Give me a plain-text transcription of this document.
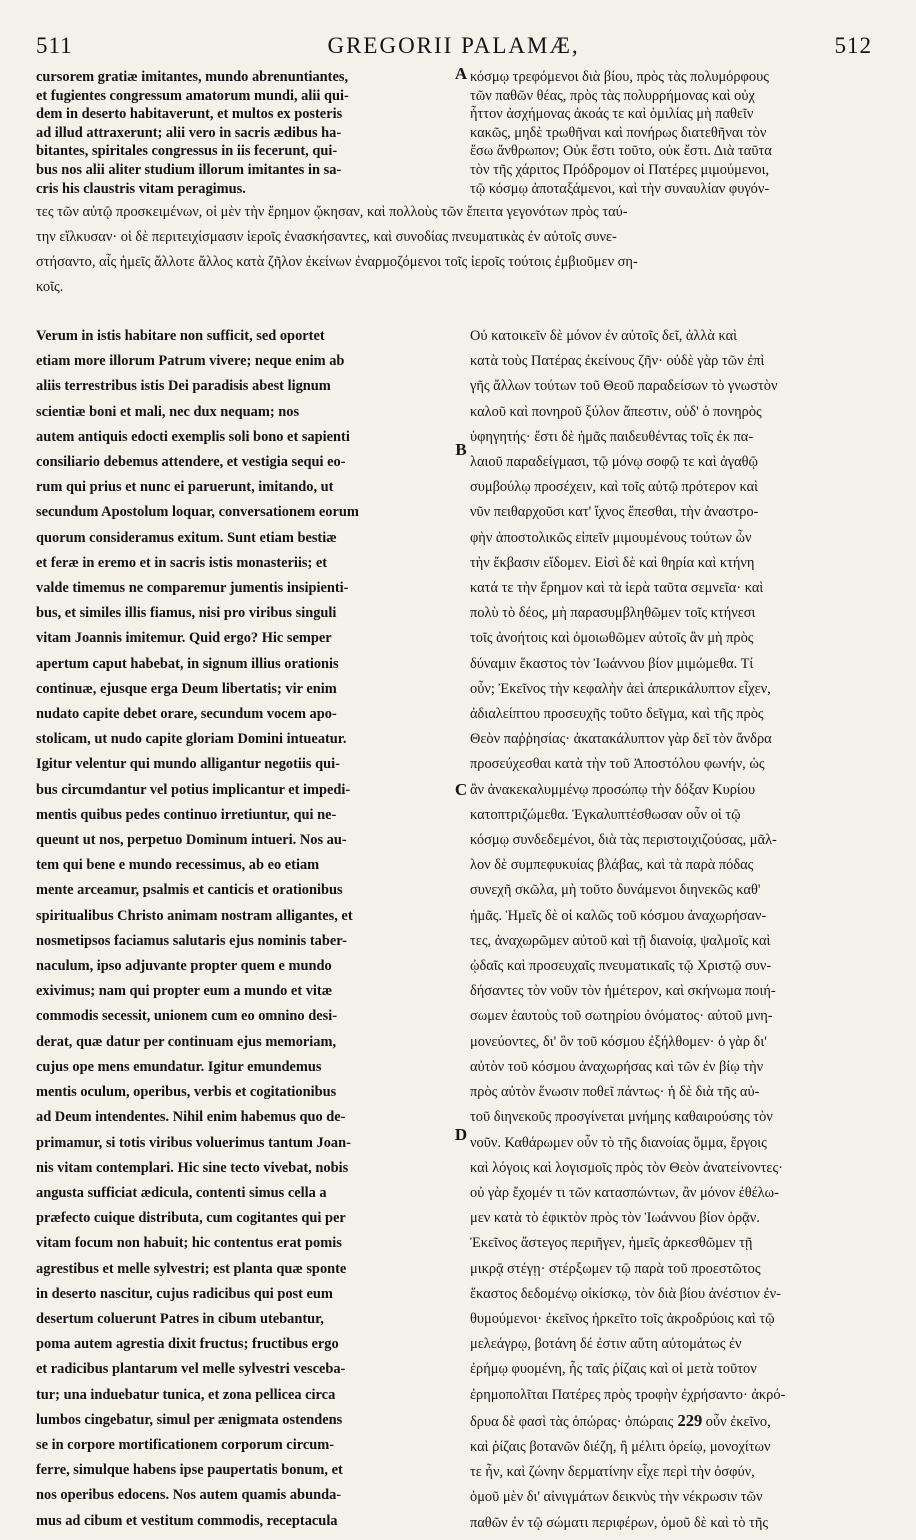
511	GREGORII PALAMÆ,	512
A
B
C
D

cursorem gratiæ imitantes, mundo abrenuntiantes,

et fugientes congressum amatorum mundi, alii qui-

dem in deserto habitaverunt, et multos ex posteris

ad illud attraxerunt; alii vero in sacris ædibus ha-

bitantes, spiritales congressus in iis fecerunt, qui-

bus nos alii aliter studium illorum imitantes in sa-

cris his claustris vitam peragimus.

κόσμῳ τρεφόμενοι διὰ βίου, πρὸς τὰς πολυμόρφους

τῶν παθῶν θέας, πρὸς τὰς πολυρρήμονας καὶ οὐχ

ἧττον ἀσχήμονας ἀκοάς τε καὶ ὁμιλίας μὴ παθεῖν

κακῶς, μηδὲ τρωθῆναι καὶ πονήρως διατεθῆναι τὸν

ἔσω ἄνθρωπον; Οὐκ ἔστι τοῦτο, οὐκ ἔστι. Διὰ ταῦτα

τὸν τῆς χάριτος Πρόδρομον οἱ Πατέρες μιμούμενοι,

τῷ κόσμῳ ἀποταξάμενοι, καὶ τὴν συναυλίαν φυγόν-

τες τῶν αὐτῷ προσκειμένων, οἱ μὲν τὴν ἔρημον ᾤκησαν, καὶ πολλοὺς τῶν ἔπειτα γεγονότων πρὸς ταύ-

την εἵλκυσαν· οἱ δὲ περιτειχίσμασιν ἱεροῖς ἐνασκήσαντες, καὶ συνοδίας πνευματικὰς ἐν αὐτοῖς συνε-

στήσαντο, αἷς ἡμεῖς ἄλλοτε ἄλλος κατὰ ζῆλον ἐκείνων ἐναρμοζόμενοι τοῖς ἱεροῖς τούτοις ἐμβιοῦμεν ση-

κοῖς.

Verum in istis habitare non sufficit, sed oportet

etiam more illorum Patrum vivere; neque enim ab

aliis terrestribus istis Dei paradisis abest lignum

scientiæ boni et mali, nec dux nequam; nos

autem antiquis edocti exemplis soli bono et sapienti

consiliario debemus attendere, et vestigia sequi eo-

rum qui prius et nunc ei paruerunt, imitando, ut

secundum Apostolum loquar, conversationem eorum

quorum consideramus exitum. Sunt etiam bestiæ

et feræ in eremo et in sacris istis monasteriis; et

valde timemus ne comparemur jumentis insipienti-

bus, et similes illis fiamus, nisi pro viribus singuli

vitam Joannis imitemur. Quid ergo? Hic semper

apertum caput habebat, in signum illius orationis

continuæ, ejusque erga Deum libertatis; vir enim

nudato capite debet orare, secundum vocem apo-

stolicam, ut nudo capite gloriam Domini intueatur.

Igitur velentur qui mundo alligantur negotiis qui-

bus circumdantur vel potius implicantur et impedi-

mentis quibus pedes continuo irretiuntur, qui ne-

queunt ut nos, perpetuo Dominum intueri. Nos au-

tem qui bene e mundo recessimus, ab eo etiam

mente arceamur, psalmis et canticis et orationibus

spiritualibus Christo animam nostram alligantes, et

nosmetipsos faciamus salutaris ejus nominis taber-

naculum, ipso adjuvante propter quem e mundo

exivimus; nam qui propter eum a mundo et vitæ

commodis secessit, unionem cum eo omnino desi-

derat, quæ datur per continuam ejus memoriam,

cujus ope mens emundatur. Igitur emundemus

mentis oculum, operibus, verbis et cogitationibus

ad Deum intendentes. Nihil enim habemus quo de-

primamur, si totis viribus voluerimus tantum Joan-

nis vitam contemplari. Hic sine tecto vivebat, nobis

angusta sufficiat ædicula, contenti simus cella a

præfecto cuique distributa, cum cogitantes qui per

vitam focum non habuit; hic contentus erat pomis

agrestibus et melle sylvestri; est planta quæ sponte

in deserto nascitur, cujus radicibus qui post eum

desertum coluerunt Patres in cibum utebantur,

poma autem agrestia dixit fructus; fructibus ergo

et radicibus plantarum vel melle sylvestri vesceba-

tur; una induebatur tunica, et zona pellicea circa

lumbos cingebatur, simul per ænigmata ostendens

se in corpore mortificationem corporum circum-

ferre, simulque habens ipse paupertatis bonum, et

nos operibus edocens. Nos autem quamis abunda-

mus ad cibum et vestitum commodis, receptacula

Οὐ κατοικεῖν δὲ μόνον ἐν αὐτοῖς δεῖ, ἀλλὰ καὶ

κατὰ τοὺς Πατέρας ἐκείνους ζῆν· οὐδὲ γὰρ τῶν ἐπὶ

γῆς ἄλλων τούτων τοῦ Θεοῦ παραδείσων τὸ γνωστὸν

καλοῦ καὶ πονηροῦ ξύλον ἄπεστιν, οὐδ' ὁ πονηρὸς

ὑφηγητής· ἔστι δὲ ἡμᾶς παιδευθέντας τοῖς ἐκ πα-

λαιοῦ παραδείγμασι, τῷ μόνῳ σοφῷ τε καὶ ἀγαθῷ

συμβούλῳ προσέχειν, καὶ τοῖς αὐτῷ πρότερον καὶ

νῦν πειθαρχοῦσι κατ' ἴχνος ἕπεσθαι, τὴν ἀναστρο-

φὴν ἀποστολικῶς εἰπεῖν μιμουμένους τούτων ὧν

τὴν ἔκβασιν εἴδομεν. Εἰσὶ δὲ καὶ θηρία καὶ κτήνη

κατά τε τὴν ἔρημον καὶ τὰ ἱερὰ ταῦτα σεμνεῖα· καὶ

πολὺ τὸ δέος, μὴ παρασυμβληθῶμεν τοῖς κτήνεσι

τοῖς ἀνοήτοις καὶ ὁμοιωθῶμεν αὐτοῖς ἂν μὴ πρὸς

δύναμιν ἕκαστος τὸν Ἰωάννου βίον μιμώμεθα. Τί

οὖν; Ἐκεῖνος τὴν κεφαλὴν ἀεὶ ἀπερικάλυπτον εἶχεν,

ἀδιαλείπτου προσευχῆς τοῦτο δεῖγμα, καὶ τῆς πρὸς

Θεὸν παῤῥησίας· ἀκατακάλυπτον γὰρ δεῖ τὸν ἄνδρα

προσεύχεσθαι κατὰ τὴν τοῦ Ἀποστόλου φωνήν, ὡς

ἂν ἀνακεκαλυμμένῳ προσώπῳ τὴν δόξαν Κυρίου

κατοπτριζώμεθα. Ἐγκαλυπτέσθωσαν οὖν οἱ τῷ

κόσμῳ συνδεδεμένοι, διὰ τὰς περιστοιχιζούσας, μᾶλ-

λον δὲ συμπεφυκυίας βλάβας, καὶ τὰ παρὰ πόδας

συνεχῆ σκῶλα, μὴ τοῦτο δυνάμενοι διηνεκῶς καθ'

ἡμᾶς. Ἡμεῖς δὲ οἱ καλῶς τοῦ κόσμου ἀναχωρήσαν-

τες, ἀναχωρῶμεν αὐτοῦ καὶ τῇ διανοίᾳ, ψαλμοῖς καὶ

ᾠδαῖς καὶ προσευχαῖς πνευματικαῖς τῷ Χριστῷ συν-

δήσαντες τὸν νοῦν τὸν ἡμέτερον, καὶ σκήνωμα ποιή-

σωμεν ἑαυτοὺς τοῦ σωτηρίου ὀνόματος· αὐτοῦ μνη-

μονεύοντες, δι' ὃν τοῦ κόσμου ἐξήλθομεν· ὁ γὰρ δι'

αὐτὸν τοῦ κόσμου ἀναχωρήσας καὶ τῶν ἐν βίῳ τὴν

πρὸς αὐτὸν ἕνωσιν ποθεῖ πάντως· ἡ δὲ διὰ τῆς αὐ-

τοῦ διηνεκοῦς προσγίνεται μνήμης καθαιρούσης τὸν

νοῦν. Καθάρωμεν οὖν τὸ τῆς διανοίας ὄμμα, ἔργοις

καὶ λόγοις καὶ λογισμοῖς πρὸς τὸν Θεὸν ἀνατείνοντες·

οὐ γὰρ ἔχομέν τι τῶν κατασπώντων, ἂν μόνον ἐθέλω-

μεν κατὰ τὸ ἐφικτὸν πρὸς τὸν Ἰωάννου βίον ὁρᾷν.

Ἐκεῖνος ἄστεγος περιῆγεν, ἡμεῖς ἀρκεσθῶμεν τῇ

μικρᾷ στέγῃ· στέρξωμεν τῷ παρὰ τοῦ προεστῶτος

ἕκαστος δεδομένῳ οἰκίσκῳ, τὸν διὰ βίου ἀνέστιον ἐν-

θυμούμενοι· ἐκεῖνος ἠρκεῖτο τοῖς ἀκροδρύοις καὶ τῷ

μελεάγρῳ, βοτάνη δέ ἐστιν αὕτη αὐτομάτως ἐν

ἐρήμῳ φυομένη, ἧς ταῖς ῥίζαις καὶ οἱ μετὰ τοῦτον

ἐρημοπολῖται Πατέρες πρὸς τροφὴν ἐχρήσαντο· ἀκρό-

δρυα δὲ φασὶ τὰς ὀπώρας· ὀπώραις 229 οὖν ἐκεῖνο,

καὶ ῥίζαις βοτανῶν διέζη, ἢ μέλιτι ὀρείῳ, μονοχίτων

τε ἦν, καὶ ζώνην δερματίνην εἶχε περὶ τὴν ὀσφύν,

ὁμοῦ μὲν δι' αἰνιγμάτων δεικνὺς τὴν νέκρωσιν τῶν

παθῶν ἐν τῷ σώματι περιφέρων, ὁμοῦ δὲ καὶ τὸ τῆς
